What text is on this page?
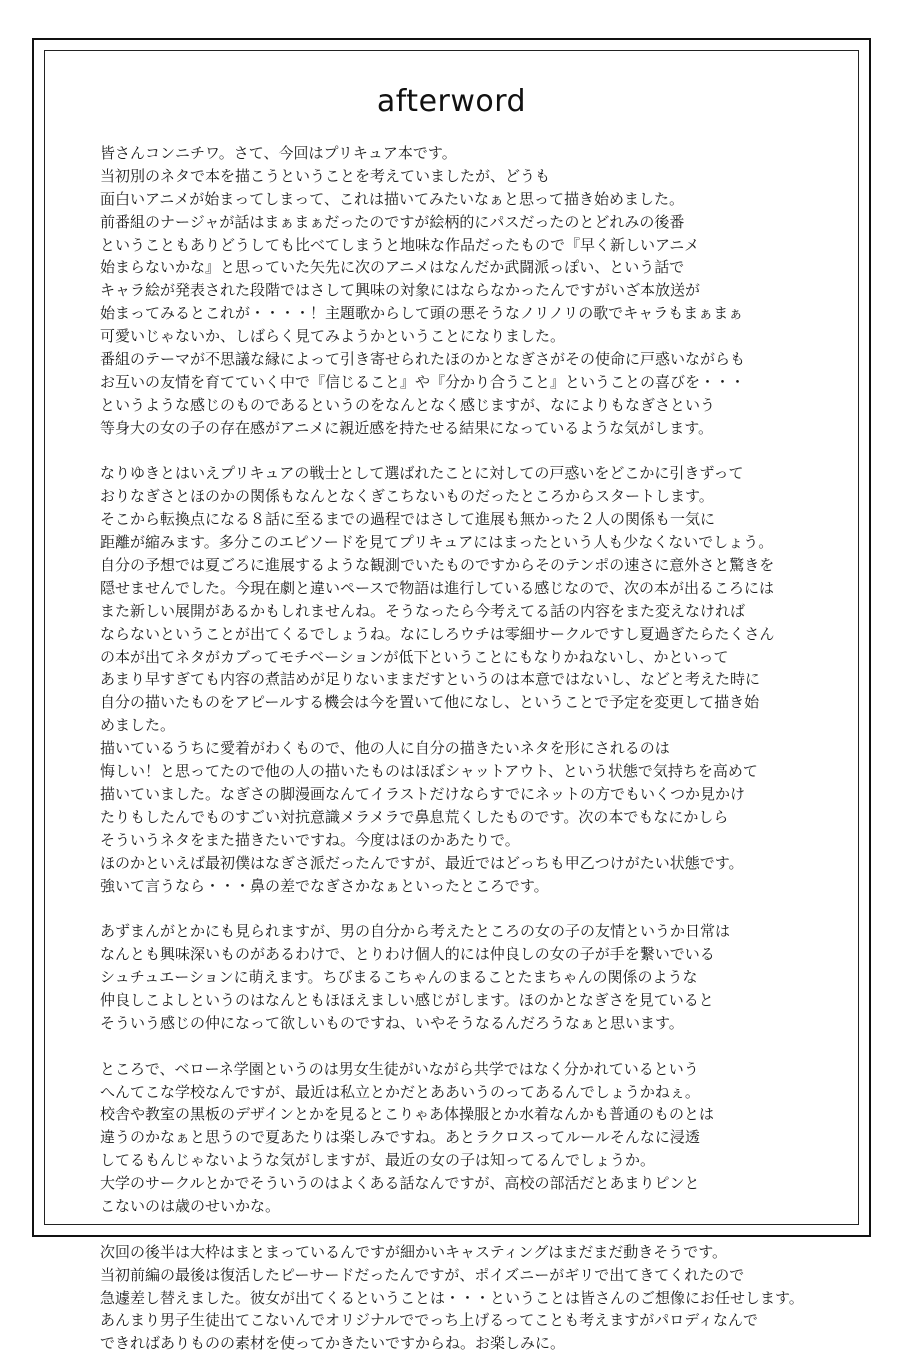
afterword
皆さんコンニチワ。さて、今回はプリキュア本です。
当初別のネタで本を描こうということを考えていましたが、どうも
面白いアニメが始まってしまって、これは描いてみたいなぁと思って描き始めました。
前番組のナージャが話はまぁまぁだったのですが絵柄的にパスだったのとどれみの後番
ということもありどうしても比べてしまうと地味な作品だったもので『早く新しいアニメ
始まらないかな』と思っていた矢先に次のアニメはなんだか武闘派っぽい、という話で
キャラ絵が発表された段階ではさして興味の対象にはならなかったんですがいざ本放送が
始まってみるとこれが・・・・！主題歌からして頭の悪そうなノリノリの歌でキャラもまぁまぁ
可愛いじゃないか、しばらく見てみようかということになりました。
番組のテーマが不思議な縁によって引き寄せられたほのかとなぎさがその使命に戸惑いながらも
お互いの友情を育てていく中で『信じること』や『分かり合うこと』ということの喜びを・・・
というような感じのものであるというのをなんとなく感じますが、なによりもなぎさという
等身大の女の子の存在感がアニメに親近感を持たせる結果になっているような気がします。
なりゆきとはいえプリキュアの戦士として選ばれたことに対しての戸惑いをどこかに引きずって
おりなぎさとほのかの関係もなんとなくぎこちないものだったところからスタートします。
そこから転換点になる８話に至るまでの過程ではさして進展も無かった２人の関係も一気に
距離が縮みます。多分このエピソードを見てプリキュアにはまったという人も少なくないでしょう。
自分の予想では夏ごろに進展するような観測でいたものですからそのテンポの速さに意外さと驚きを
隠せませんでした。今現在劇と違いペースで物語は進行している感じなので、次の本が出るころには
また新しい展開があるかもしれませんね。そうなったら今考えてる話の内容をまた変えなければ
ならないということが出てくるでしょうね。なにしろウチは零細サークルですし夏過ぎたらたくさん
の本が出てネタがカブってモチベーションが低下ということにもなりかねないし、かといって
あまり早すぎても内容の煮詰めが足りないままだすというのは本意ではないし、などと考えた時に
自分の描いたものをアピールする機会は今を置いて他になし、ということで予定を変更して描き始
めました。
描いているうちに愛着がわくもので、他の人に自分の描きたいネタを形にされるのは
悔しい！と思ってたので他の人の描いたものはほぼシャットアウト、という状態で気持ちを高めて
描いていました。なぎさの脚漫画なんてイラストだけならすでにネットの方でもいくつか見かけ
たりもしたんでものすごい対抗意識メラメラで鼻息荒くしたものです。次の本でもなにかしら
そういうネタをまた描きたいですね。今度はほのかあたりで。
ほのかといえば最初僕はなぎさ派だったんですが、最近ではどっちも甲乙つけがたい状態です。
強いて言うなら・・・鼻の差でなぎさかなぁといったところです。
あずまんがとかにも見られますが、男の自分から考えたところの女の子の友情というか日常は
なんとも興味深いものがあるわけで、とりわけ個人的には仲良しの女の子が手を繋いでいる
シュチュエーションに萌えます。ちびまるこちゃんのまることたまちゃんの関係のような
仲良しこよしというのはなんともほほえましい感じがします。ほのかとなぎさを見ていると
そういう感じの仲になって欲しいものですね、いやそうなるんだろうなぁと思います。
ところで、ベローネ学園というのは男女生徒がいながら共学ではなく分かれているという
へんてこな学校なんですが、最近は私立とかだとああいうのってあるんでしょうかねぇ。
校舎や教室の黒板のデザインとかを見るとこりゃあ体操服とか水着なんかも普通のものとは
違うのかなぁと思うので夏あたりは楽しみですね。あとラクロスってルールそんなに浸透
してるもんじゃないような気がしますが、最近の女の子は知ってるんでしょうか。
大学のサークルとかでそういうのはよくある話なんですが、高校の部活だとあまりピンと
こないのは歳のせいかな。
次回の後半は大枠はまとまっているんですが細かいキャスティングはまだまだ動きそうです。
当初前編の最後は復活したピーサードだったんですが、ポイズニーがギリで出てきてくれたので
急遽差し替えました。彼女が出てくるということは・・・ということは皆さんのご想像にお任せします。
あんまり男子生徒出てこないんでオリジナルででっち上げるってことも考えますがパロディなんで
できればありものの素材を使ってかきたいですからね。お楽しみに。
